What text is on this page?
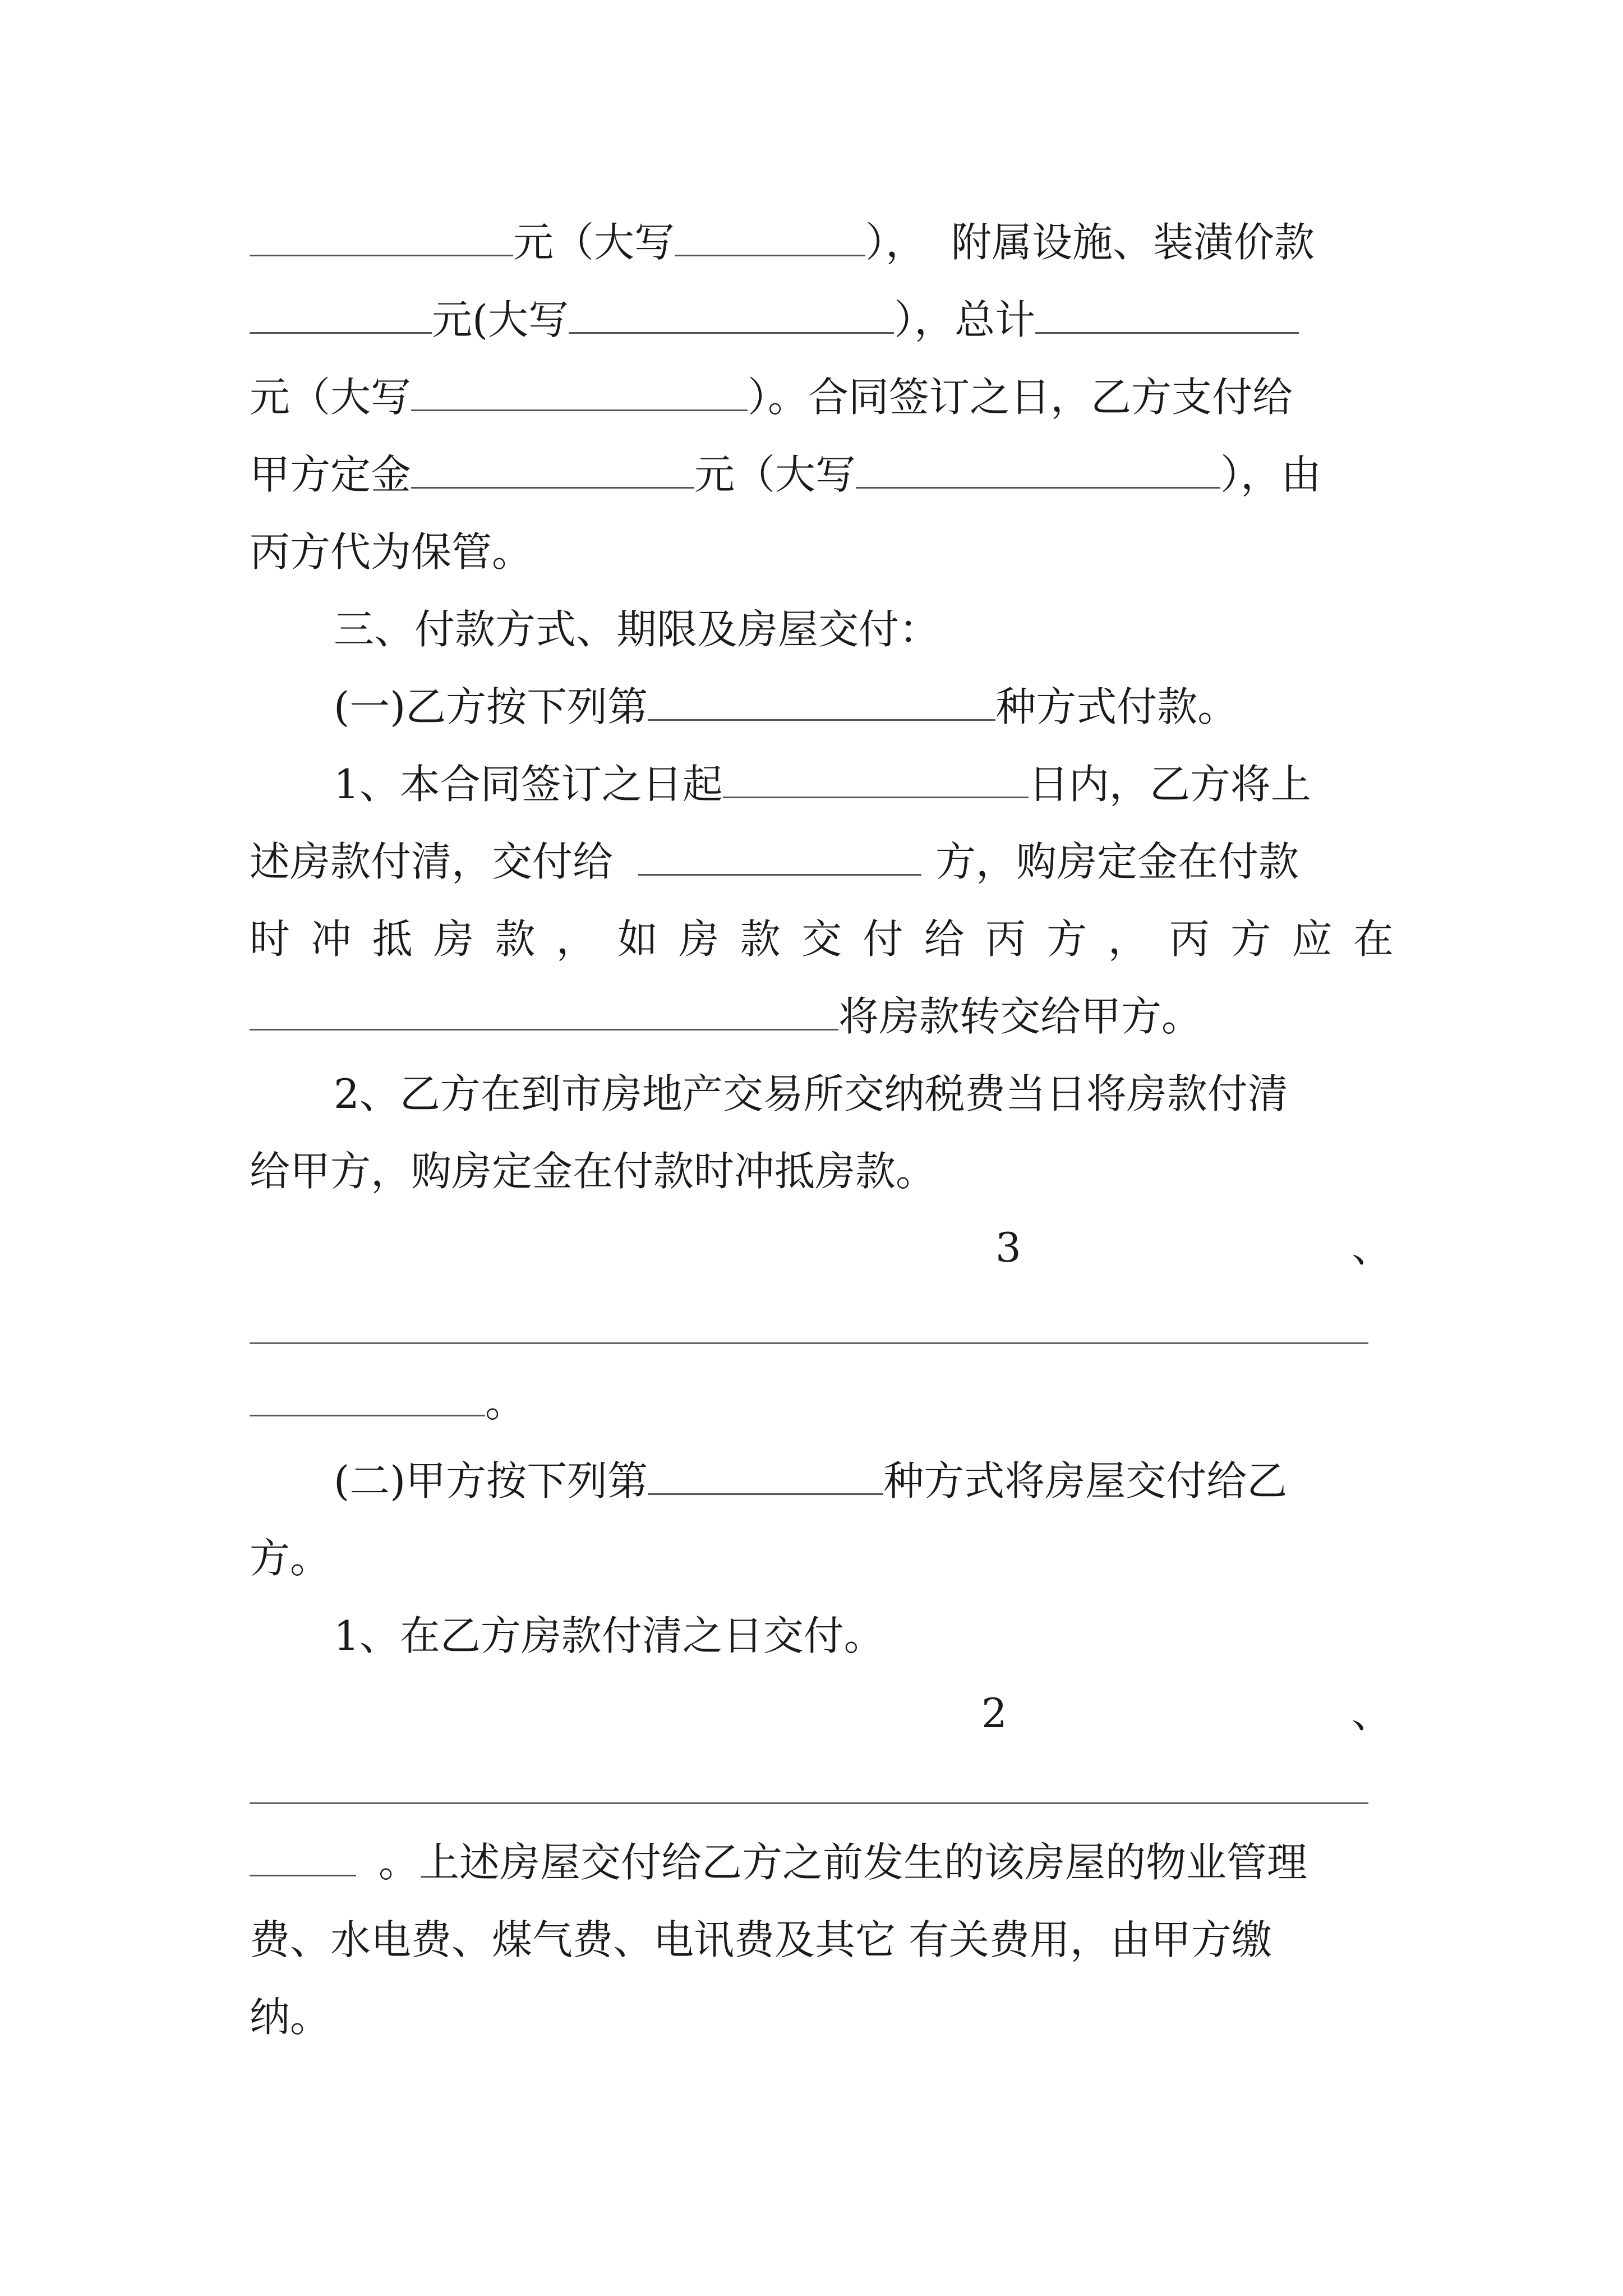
元（大写	）， 附属设施、装潢价款
元(大写	），总计
元（大写	）。合同签订之日，乙方支付给
甲方定金	元（大写	），由
丙方代为保管。
三、付款方式、期限及房屋交付：
(一)乙方按下列第	种方式付款。
1、本合同签订之日起	日内，乙方将上
述房款付清，交付给	方，购房定金在付款
时 冲 抵 房 款 ， 如 房 款 交 付 给 丙 方 ， 丙 方 应 在
将房款转交给甲方。
2、乙方在到市房地产交易所交纳税费当日将房款付清
给甲方，购房定金在付款时冲抵房款。
3	、
。
(二)甲方按下列第	种方式将房屋交付给乙
方。
1、在乙方房款付清之日交付。
2	、
。上述房屋交付给乙方之前发生的该房屋的物业管理
费、水电费、煤气费、电讯费及其它 有关费用，由甲方缴
纳。
